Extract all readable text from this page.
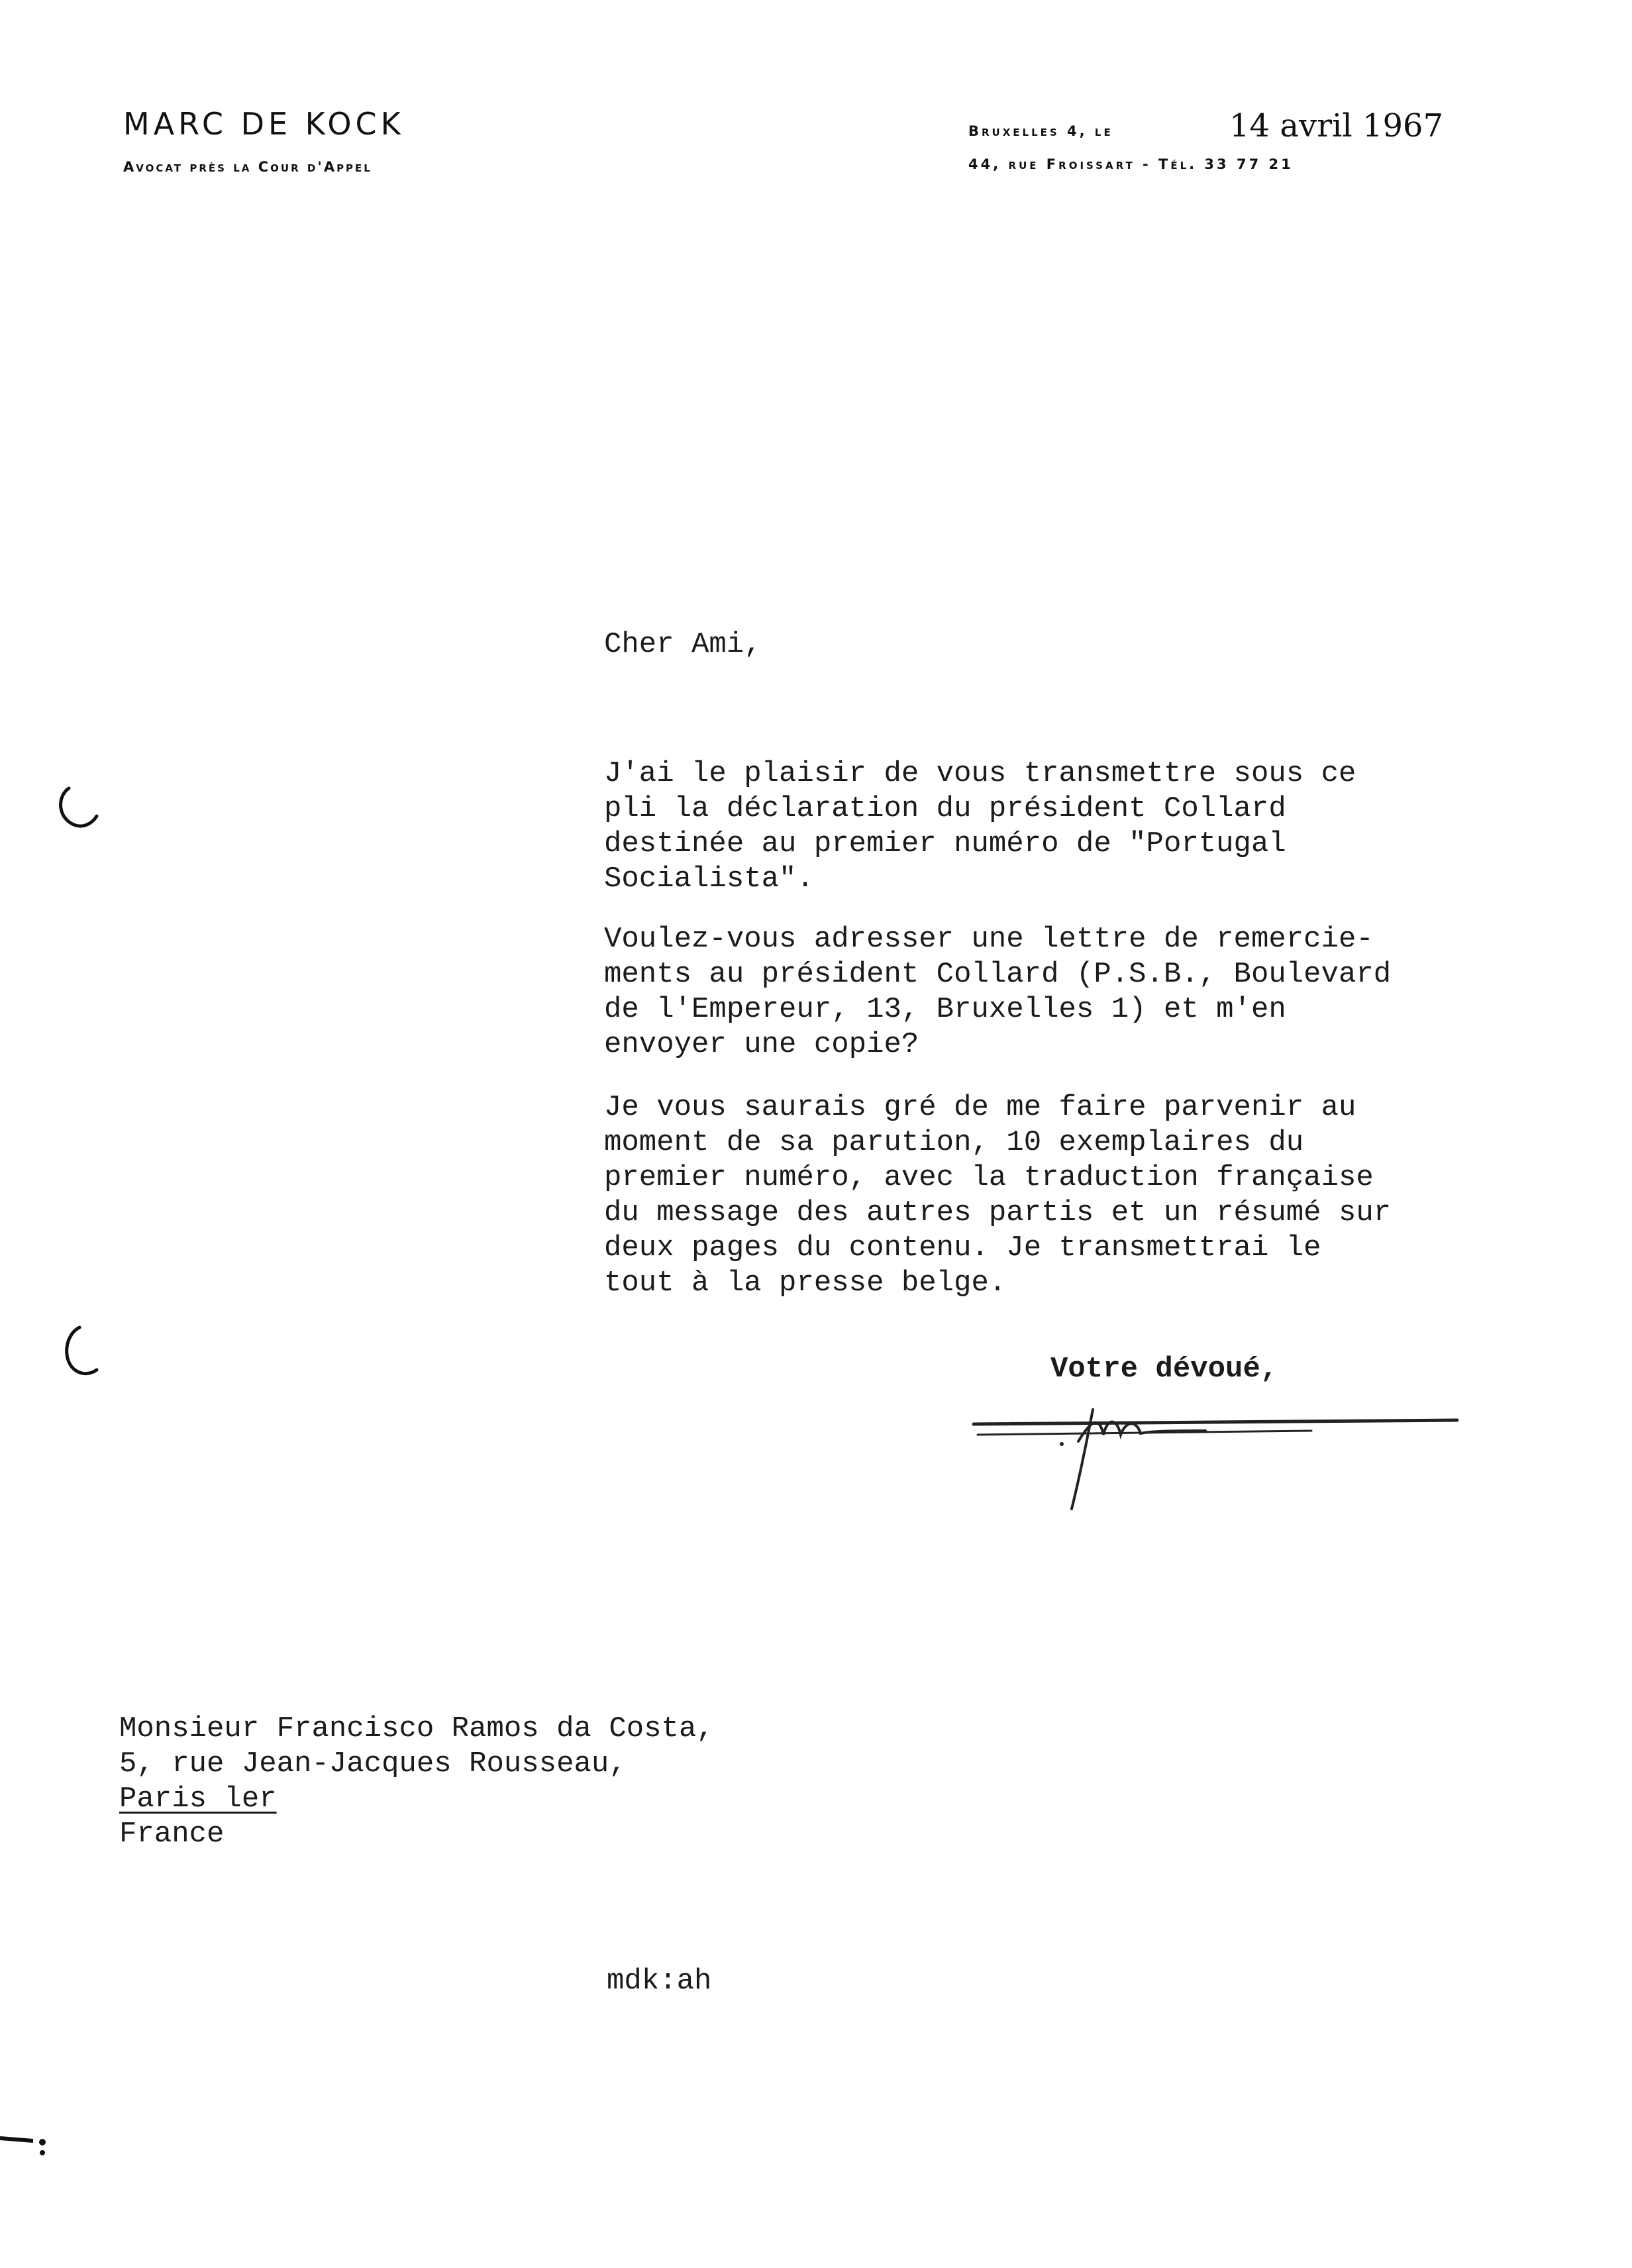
MARC DE KOCK
Avocat près la Cour d'Appel
Bruxelles 4, le	14 avril 1967
44, rue Froissart - Tél. 33 77 21
Cher Ami,

J'ai le plaisir de vous transmettre sous ce
pli la déclaration du président Collard
destinée au premier numéro de "Portugal
Socialista".

Voulez-vous adresser une lettre de remercie-
ments au président Collard (P.S.B., Boulevard
de l'Empereur, 13, Bruxelles 1) et m'en
envoyer une copie?

Je vous saurais gré de me faire parvenir au
moment de sa parution, 10 exemplaires du
premier numéro, avec la traduction française
du message des autres partis et un résumé sur
deux pages du contenu. Je transmettrai le
tout à la presse belge.

Votre dévoué,

Monsieur Francisco Ramos da Costa,
5, rue Jean-Jacques Rousseau,
Paris ler
France

mdk:ah
